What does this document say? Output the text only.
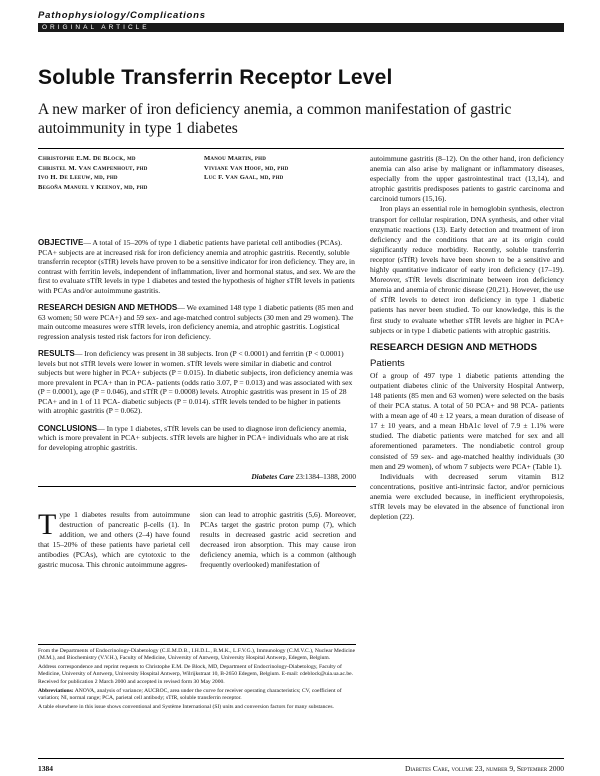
Pathophysiology/Complications
ORIGINAL ARTICLE
Soluble Transferrin Receptor Level
A new marker of iron deficiency anemia, a common manifestation of gastric autoimmunity in type 1 diabetes
Christophe E.M. De Block, md
Christel M. Van Campenhout, phd
Ivo H. De Leeuw, md, phd
Begoña Manuel y Keenoy, md, phd
Manou Martin, phd
Viviane Van Hoof, md, phd
Luc F. Van Gaal, md, phd

OBJECTIVE— A total of 15–20% of type 1 diabetic patients have parietal cell antibodies (PCAs). PCA+ subjects are at increased risk for iron deficiency anemia and atrophic gastritis. Recently, soluble transferrin receptor (sTfR) levels have proven to be a sensitive indicator for iron deficiency. They are, in contrast with ferritin levels, independent of inflammation, liver and hormonal status, and sex. We are the first to evaluate sTfR levels in type 1 diabetes and tested the hypothesis of higher sTfR levels in patients with PCAs and/or autoimmune gastritis.

RESEARCH DESIGN AND METHODS— We examined 148 type 1 diabetic patients (85 men and 63 women; 50 were PCA+) and 59 sex- and age-matched control subjects (30 men and 29 women). The main outcome measures were sTfR levels, iron deficiency anemia, and atrophic gastritis. Logistical regression analysis tested risk factors for iron deficiency.

RESULTS— Iron deficiency was present in 38 subjects. Iron (P < 0.0001) and ferritin (P < 0.0001) levels but not sTfR levels were lower in women. sTfR levels were similar in diabetic and control subjects but were higher in PCA+ subjects (P = 0.015). In diabetic subjects, iron deficiency anemia was more prevalent in PCA+ than in PCA- patients (odds ratio 3.07, P = 0.013) and was associated with sex (P = 0.0001), age (P = 0.046), and sTfR (P = 0.0008) levels. Atrophic gastritis was present in 15 of 28 PCA+ and in 1 of 11 PCA- diabetic subjects (P = 0.014). sTfR levels tended to be higher in patients with atrophic gastritis (P = 0.062).

CONCLUSIONS— In type 1 diabetes, sTfR levels can be used to diagnose iron deficiency anemia, which is more prevalent in PCA+ subjects. sTfR levels are higher in PCA+ individuals who are at risk for developing atrophic gastritis.

Diabetes Care 23:1384–1388, 2000
Type 1 diabetes results from autoimmune destruction of pancreatic β-cells (1). In addition, we and others (2–4) have found that 15–20% of these patients have parietal cell antibodies (PCAs), which are cytotoxic to the gastric mucosa. This chronic autoimmune aggres-
sion can lead to atrophic gastritis (5,6). Moreover, PCAs target the gastric proton pump (7), which results in decreased gastric acid secretion and decreased iron absorption. This may cause iron deficiency anemia, which is a common (although frequently overlooked) manifestation of

From the Departments of Endocrinology-Diabetology (C.E.M.D.B., I.H.D.L., B.M.K., L.F.V.G.), Immunology (C.M.V.C.), Nuclear Medicine (M.M.), and Biochemistry (V.V.H.), Faculty of Medicine, University of Antwerp, University Hospital Antwerp, Edegem, Belgium.

Address correspondence and reprint requests to Christophe E.M. De Block, MD, Department of Endocrinology-Diabetology, Faculty of Medicine, University of Antwerp, University Hospital Antwerp, Wilrijkstraat 10, B-2650 Edegem, Belgium. E-mail: cdeblock@uia.ua.ac.be.

Received for publication 2 March 2000 and accepted in revised form 30 May 2000.

Abbreviations: ANOVA, analysis of variance; AUCROC, area under the curve for receiver operating characteristics; CV, coefficient of variation; NI, normal range; PCA, parietal cell antibody; sTfR, soluble transferrin receptor.

A table elsewhere in this issue shows conventional and Système International (SI) units and conversion factors for many substances.

autoimmune gastritis (8–12). On the other hand, iron deficiency anemia can also arise by malignant or inflammatory diseases, especially from the upper gastrointestinal tract (13,14), and atrophic gastritis predisposes patients to gastric carcinoma and carcinoid tumors (15,16).

Iron plays an essential role in hemoglobin synthesis, electron transport for cellular respiration, DNA synthesis, and other vital enzymatic reactions (13). Early detection and treatment of iron deficiency and the conditions that are at its origin could significantly reduce morbidity. Recently, soluble transferrin receptor (sTfR) levels have been shown to be a sensitive and highly quantitative indicator of early iron deficiency (17–19). Moreover, sTfR levels discriminate between iron deficiency anemia and anemia of chronic disease (20,21). However, the use of sTfR levels to detect iron deficiency in type 1 diabetic patients has never been studied. To our knowledge, this is the first study to evaluate whether sTfR levels are higher in PCA+ subjects or in type 1 diabetic patients with atrophic gastritis.

RESEARCH DESIGN AND METHODS
Patients

Of a group of 497 type 1 diabetic patients attending the outpatient diabetes clinic of the University Hospital Antwerp, 148 patients (85 men and 63 women) were selected on the basis of their PCA status. A total of 50 PCA+ and 98 PCA- patients with a mean age of 40 ± 12 years, a mean duration of disease of 17 ± 10 years, and a mean HbA1c level of 7.9 ± 1.1% were studied. The diabetic patients were matched for sex and all aforementioned parameters. The nondiabetic control group consisted of 59 sex- and age-matched healthy individuals (30 men and 29 women), of whom 7 subjects were PCA+ (Table 1).

Individuals with decreased serum vitamin B12 concentrations, positive anti-intrinsic factor, and/or pernicious anemia were excluded because, in inefficient erythropoiesis, sTfR levels may be elevated in the absence of functional iron depletion (22).

1384	Diabetes Care, volume 23, number 9, September 2000
